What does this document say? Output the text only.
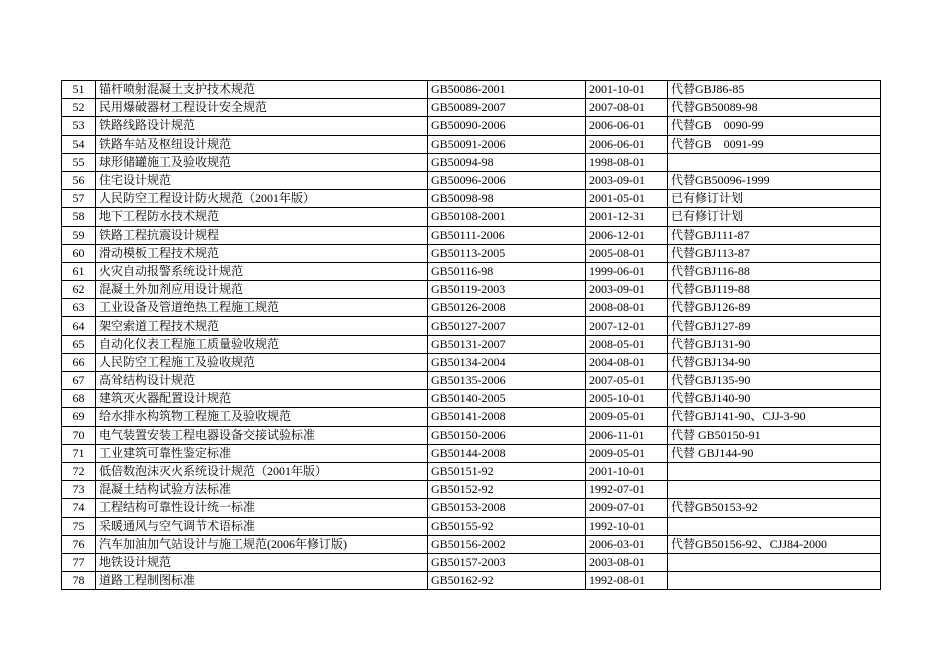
51	锚杆喷射混凝土支护技术规范	GB50086-2001	2001-10-01	代替GBJ86-85
52	民用爆破器材工程设计安全规范	GB50089-2007	2007-08-01	代替GB50089-98
53	铁路线路设计规范	GB50090-2006	2006-06-01	代替GB　0090-99
54	铁路车站及枢纽设计规范	GB50091-2006	2006-06-01	代替GB　0091-99
55	球形储罐施工及验收规范	GB50094-98	1998-08-01	
56	住宅设计规范	GB50096-2006	2003-09-01	代替GB50096-1999
57	人民防空工程设计防火规范（2001年版）	GB50098-98	2001-05-01	已有修订计划
58	地下工程防水技术规范	GB50108-2001	2001-12-31	已有修订计划
59	铁路工程抗震设计规程	GB50111-2006	2006-12-01	代替GBJ111-87
60	滑动模板工程技术规范	GB50113-2005	2005-08-01	代替GBJ113-87
61	火灾自动报警系统设计规范	GB50116-98	1999-06-01	代替GBJ116-88
62	混凝土外加剂应用设计规范	GB50119-2003	2003-09-01	代替GBJ119-88
63	工业设备及管道绝热工程施工规范	GB50126-2008	2008-08-01	代替GBJ126-89
64	架空索道工程技术规范	GB50127-2007	2007-12-01	代替GBJ127-89
65	自动化仪表工程施工质量验收规范	GB50131-2007	2008-05-01	代替GBJ131-90
66	人民防空工程施工及验收规范	GB50134-2004	2004-08-01	代替GBJ134-90
67	高耸结构设计规范	GB50135-2006	2007-05-01	代替GBJ135-90
68	建筑灭火器配置设计规范	GB50140-2005	2005-10-01	代替GBJ140-90
69	给水排水构筑物工程施工及验收规范	GB50141-2008	2009-05-01	代替GBJ141-90、CJJ-3-90
70	电气装置安装工程电器设备交接试验标准	GB50150-2006	2006-11-01	代替 GB50150-91
71	工业建筑可靠性鉴定标准	GB50144-2008	2009-05-01	代替 GBJ144-90
72	低倍数泡沫灭火系统设计规范（2001年版）	GB50151-92	2001-10-01	
73	混凝土结构试验方法标准	GB50152-92	1992-07-01	
74	工程结构可靠性设计统一标准	GB50153-2008	2009-07-01	代替GB50153-92
75	采暖通风与空气调节术语标准	GB50155-92	1992-10-01	
76	汽车加油加气站设计与施工规范(2006年修订版)	GB50156-2002	2006-03-01	代替GB50156-92、CJJ84-2000
77	地铁设计规范	GB50157-2003	2003-08-01	
78	道路工程制图标准	GB50162-92	1992-08-01	
